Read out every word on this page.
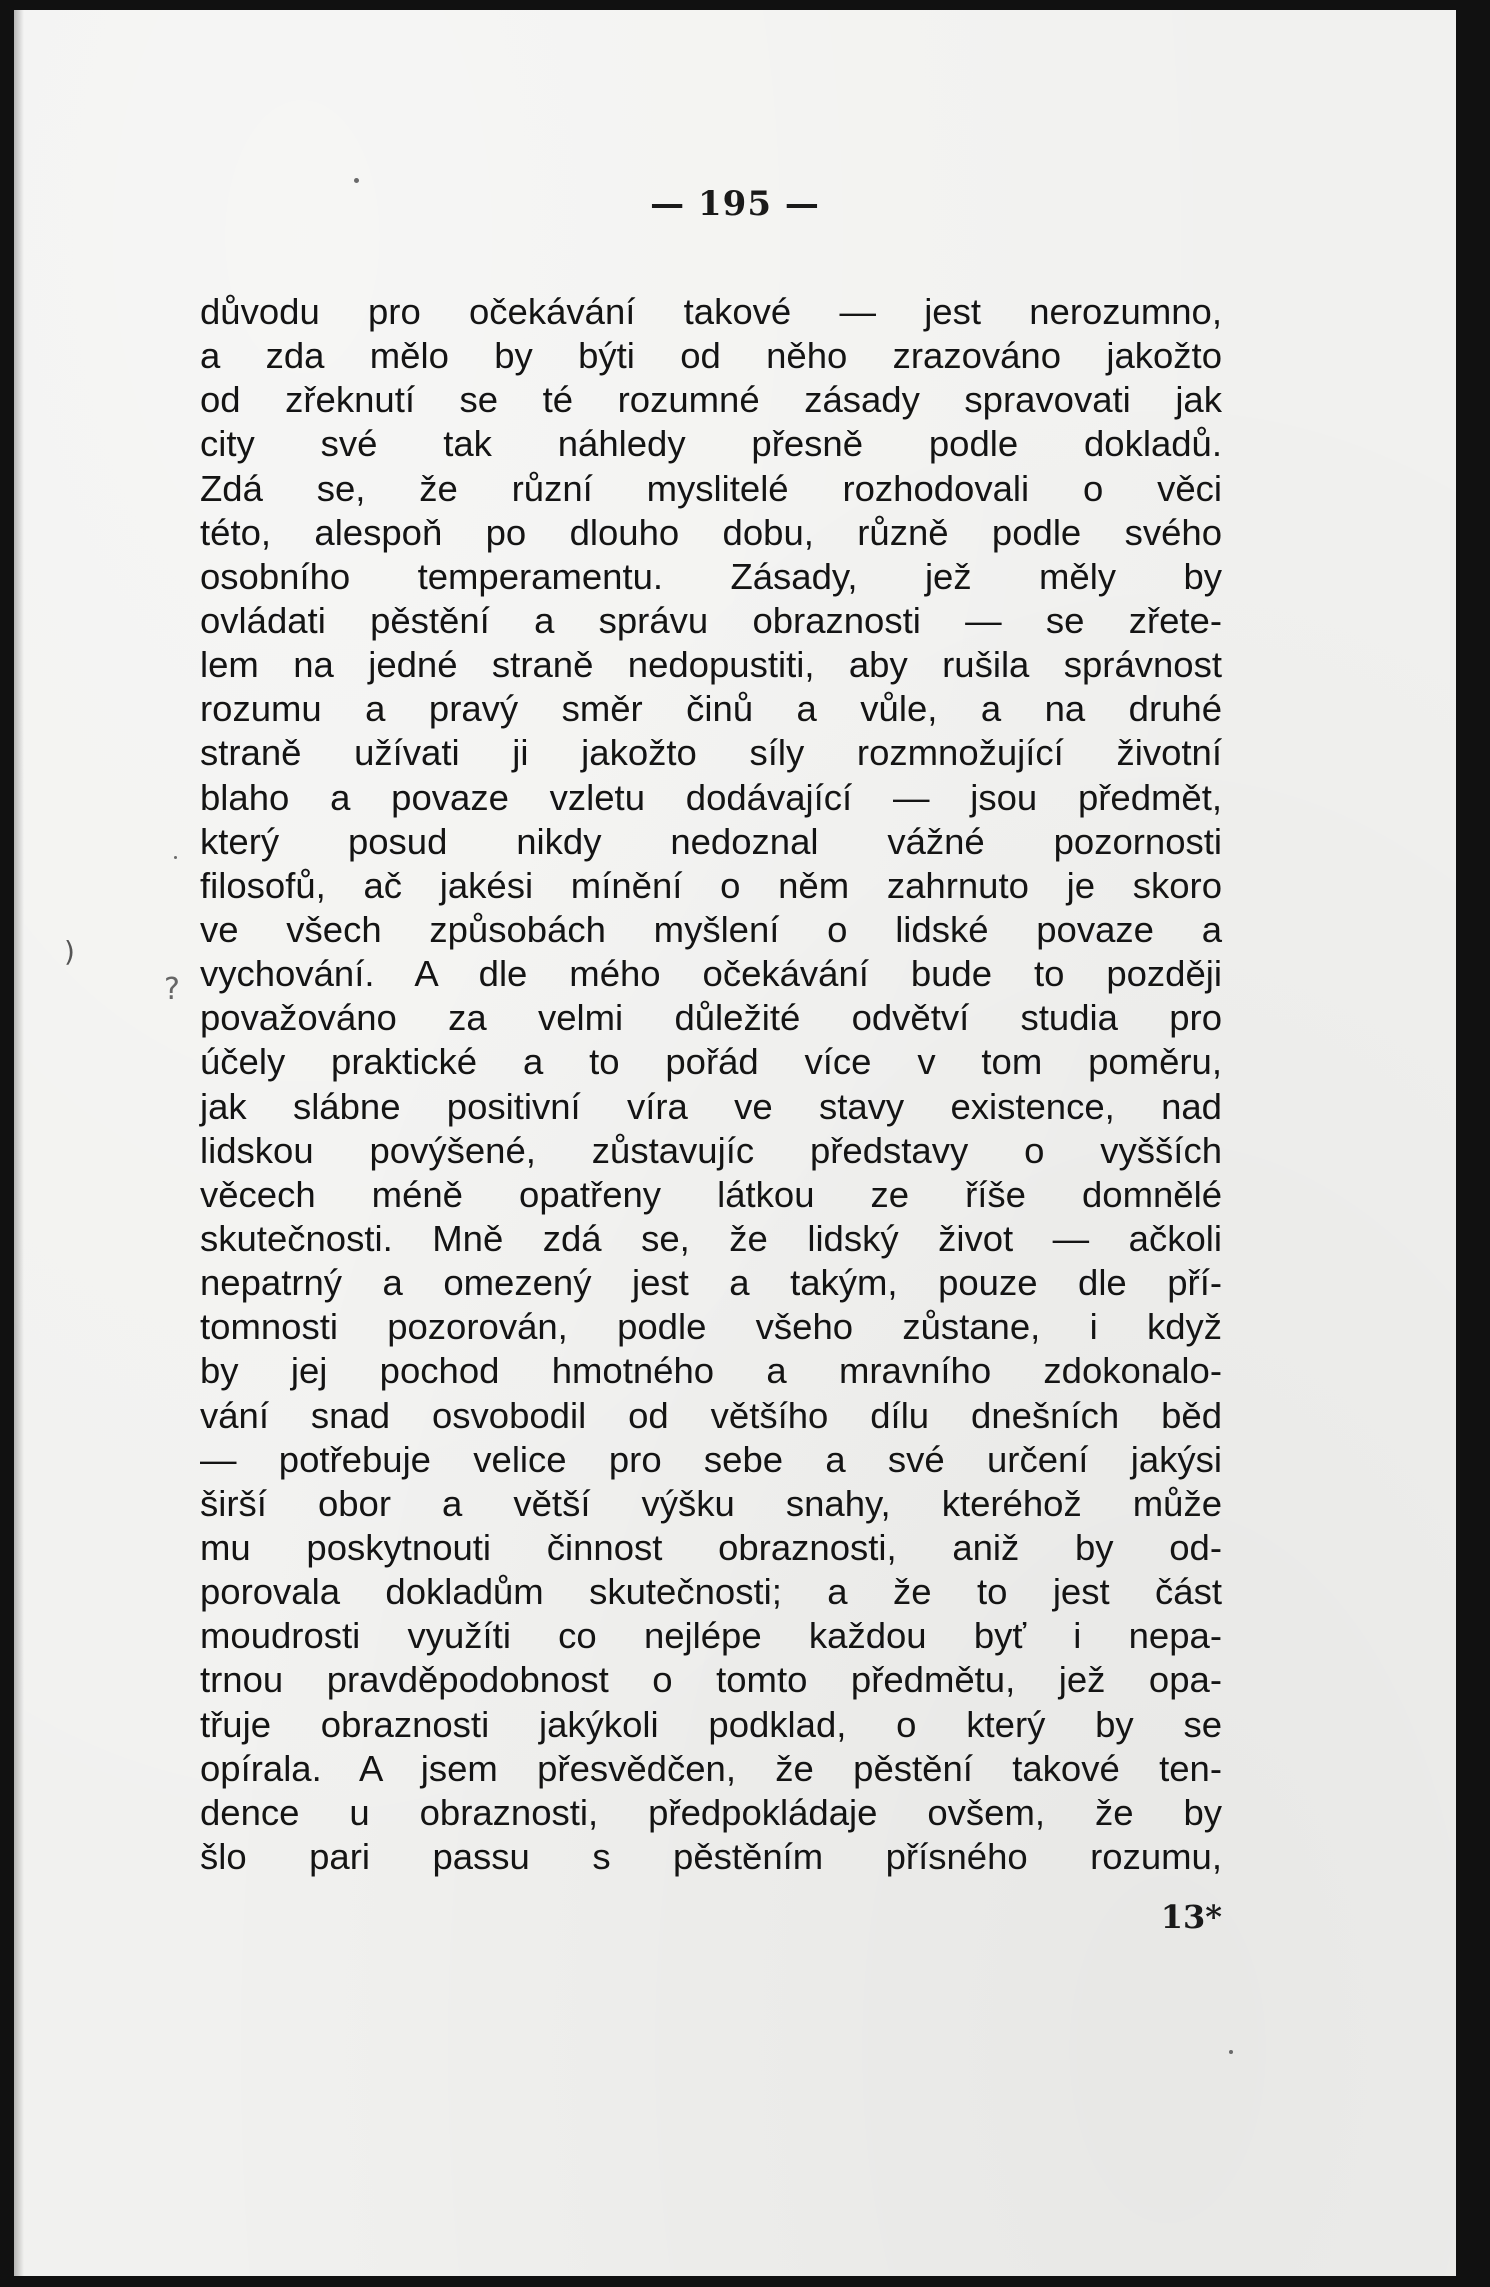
— 195 —
důvodu pro očekávání takové — jest nerozumno,
a zda mělo by býti od něho zrazováno jakožto
od zřeknutí se té rozumné zásady spravovati jak
city své tak náhledy přesně podle dokladů.
Zdá se, že různí myslitelé rozhodovali o věci
této, alespoň po dlouho dobu, různě podle svého
osobního temperamentu. Zásady, jež měly by
ovládati pěstění a správu obraznosti — se zřete-
lem na jedné straně nedopustiti, aby rušila správnost
rozumu a pravý směr činů a vůle, a na druhé
straně užívati ji jakožto síly rozmnožující životní
blaho a povaze vzletu dodávající — jsou předmět,
který posud nikdy nedoznal vážné pozornosti
filosofů, ač jakési mínění o něm zahrnuto je skoro
ve všech způsobách myšlení o lidské povaze a
vychování. A dle mého očekávání bude to později
považováno za velmi důležité odvětví studia pro
účely praktické a to pořád více v tom poměru,
jak slábne positivní víra ve stavy existence, nad
lidskou povýšené, zůstavujíc představy o vyšších
věcech méně opatřeny látkou ze říše domnělé
skutečnosti. Mně zdá se, že lidský život — ačkoli
nepatrný a omezený jest a takým, pouze dle pří-
tomnosti pozorován, podle všeho zůstane, i když
by jej pochod hmotného a mravního zdokonalo-
vání snad osvobodil od většího dílu dnešních běd
— potřebuje velice pro sebe a své určení jakýsi
širší obor a větší výšku snahy, kteréhož může
mu poskytnouti činnost obraznosti, aniž by od-
porovala dokladům skutečnosti; a že to jest část
moudrosti využíti co nejlépe každou byť i nepa-
trnou pravděpodobnost o tomto předmětu, jež opa-
třuje obraznosti jakýkoli podklad, o který by se
opírala. A jsem přesvědčen, že pěstění takové ten-
dence u obraznosti, předpokládaje ovšem, že by
šlo pari passu s pěstěním přísného rozumu,
13*
)
?
